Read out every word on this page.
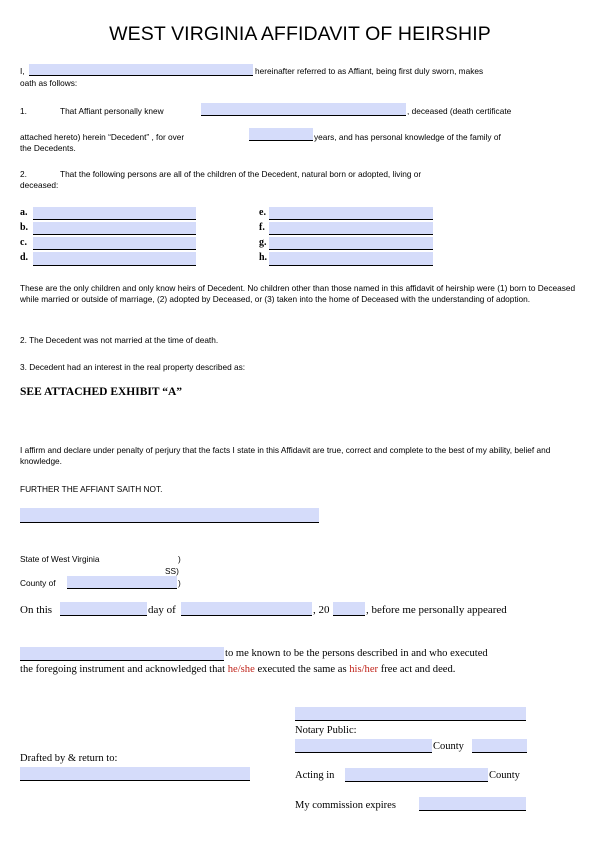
WEST VIRGINIA AFFIDAVIT OF HEIRSHIP
I,	hereinafter referred to as Affiant, being first duly sworn, makes
oath as follows:
1.	That Affiant personally knew	, deceased (death certificate
attached hereto) herein “Decedent” , for over	years, and has personal knowledge of the family of
the Decedents.
2.	That the following persons are all of the children of the Decedent, natural born or adopted, living or
deceased:
a.
b.
c.
d.
e.
f.
g.
h.
These are the only children and only know heirs of Decedent. No children other than those named in this affidavit of heirship were (1) born to Deceased while married or outside of marriage, (2) adopted by Deceased, or (3) taken into the home of Deceased with the understanding of adoption.
2. The Decedent was not married at the time of death.
3. Decedent had an interest in the real property described as:
SEE ATTACHED EXHIBIT “A”
I affirm and declare under penalty of perjury that the facts I state in this Affidavit are true, correct and complete to the best of my ability, belief and knowledge.
FURTHER THE AFFIANT SAITH NOT.
State of West Virginia	)
SS)
County of	)
On this	day of	, 20	, before me personally appeared
to me known to be the persons described in and who executed
the foregoing instrument and acknowledged that he/she executed the same as his/her free act and deed.
Notary Public:
County
Acting in	County
My commission expires
Drafted by & return to:
